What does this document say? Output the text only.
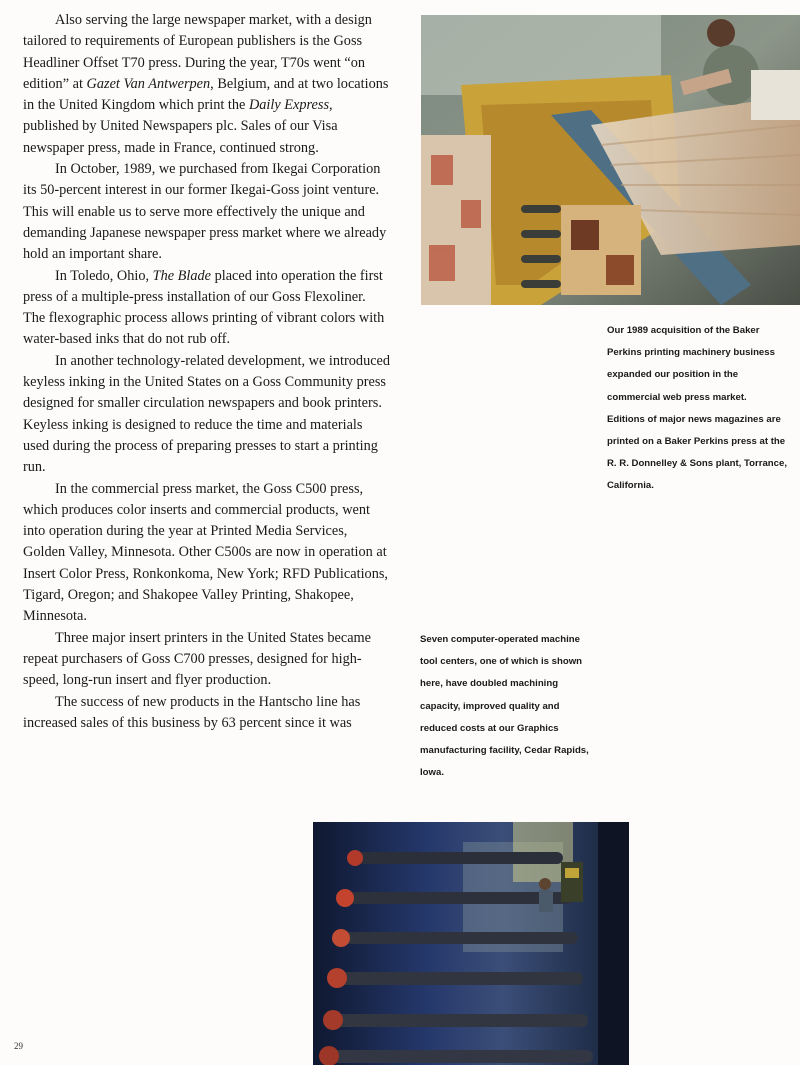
Also serving the large newspaper market, with a design tailored to requirements of European publishers is the Goss Headliner Offset T70 press. During the year, T70s went “on edition” at Gazet Van Antwerpen, Belgium, and at two locations in the United Kingdom which print the Daily Express, published by United Newspapers plc. Sales of our Visa newspaper press, made in France, continued strong.

In October, 1989, we purchased from Ikegai Corporation its 50-percent interest in our former Ikegai-Goss joint venture. This will enable us to serve more effectively the unique and demanding Japanese newspaper press market where we already hold an important share.

In Toledo, Ohio, The Blade placed into operation the first press of a multiple-press installation of our Goss Flexoliner. The flexographic process allows printing of vibrant colors with water-based inks that do not rub off.

In another technology-related development, we introduced keyless inking in the United States on a Goss Community press designed for smaller circulation newspapers and book printers. Keyless inking is designed to reduce the time and materials used during the process of preparing presses to start a printing run.

In the commercial press market, the Goss C500 press, which produces color inserts and commercial products, went into operation during the year at Printed Media Services, Golden Valley, Minnesota. Other C500s are now in operation at Insert Color Press, Ronkonkoma, New York; RFD Publications, Tigard, Oregon; and Shakopee Valley Printing, Shakopee, Minnesota.

Three major insert printers in the United States became repeat purchasers of Goss C700 presses, designed for high-speed, long-run insert and flyer production.

The success of new products in the Hantscho line has increased sales of this business by 63 percent since it was

Our 1989 acquisition of the Baker Perkins printing machinery business expanded our position in the commercial web press market. Editions of major news magazines are printed on a Baker Perkins press at the R. R. Donnelley & Sons plant, Torrance, California.
Seven computer-operated machine tool centers, one of which is shown here, have doubled machining capacity, improved quality and reduced costs at our Graphics manufacturing facility, Cedar Rapids, Iowa.
29
